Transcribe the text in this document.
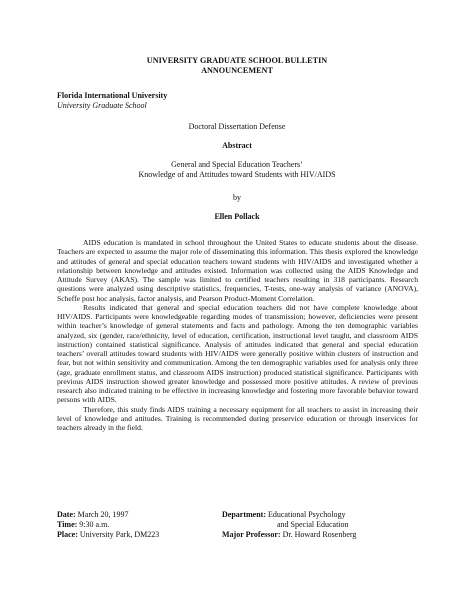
UNIVERSITY GRADUATE SCHOOL BULLETIN
ANNOUNCEMENT
Florida International University
University Graduate School
Doctoral Dissertation Defense
Abstract
General and Special Education Teachers’
Knowledge of and Attitudes toward Students with HIV/AIDS
by
Ellen Pollack

AIDS education is mandated in school throughout the United States to educate students about the disease. Teachers are expected to assume the major role of disseminating this information. This thesis explored the knowledge and attitudes of general and special education teachers toward students with HIV/AIDS and investigated whether a relationship between knowledge and attitudes existed. Information was collected using the AIDS Knowledge and Attitude Survey (AKAS). The sample was limited to certified teachers resulting in 318 participants. Research questions were analyzed using descriptive statistics, frequencies, T-tests, one-way analysis of variance (ANOVA), Scheffe post hoc analysis, factor analysis, and Pearson Product-Moment Correlation.

Results indicated that general and special education teachers did not have complete knowledge about HIV/AIDS. Participants were knowledgeable regarding modes of transmission; however, deficiencies were present within teacher’s knowledge of general statements and facts and pathology. Among the ten demographic variables analyzed, six (gender, race/ethnicity, level of education, certification, instructional level taught, and classroom AIDS instruction) contained statistical significance. Analysis of attitudes indicated that general and special education teachers’ overall attitudes toward students with HIV/AIDS were generally positive within clusters of instruction and fear, but not within sensitivity and communication. Among the ten demographic variables used for analysis only three (age, graduate enrollment status, and classroom AIDS instruction) produced statistical significance. Participants with previous AIDS instruction showed greater knowledge and possessed more positive attitudes. A review of previous research also indicated training to be effective in increasing knowledge and fostering more favorable behavior toward persons with AIDS.

Therefore, this study finds AIDS training a necessary equipment for all teachers to assist in increasing their level of knowledge and attitudes. Training is recommended during preservice education or through inservices for teachers already in the field.

Date: March 20, 1997	Department: Educational Psychology
Time: 9:30 a.m.	and Special Education
Place: University Park, DM223	Major Professor: Dr. Howard Rosenberg
